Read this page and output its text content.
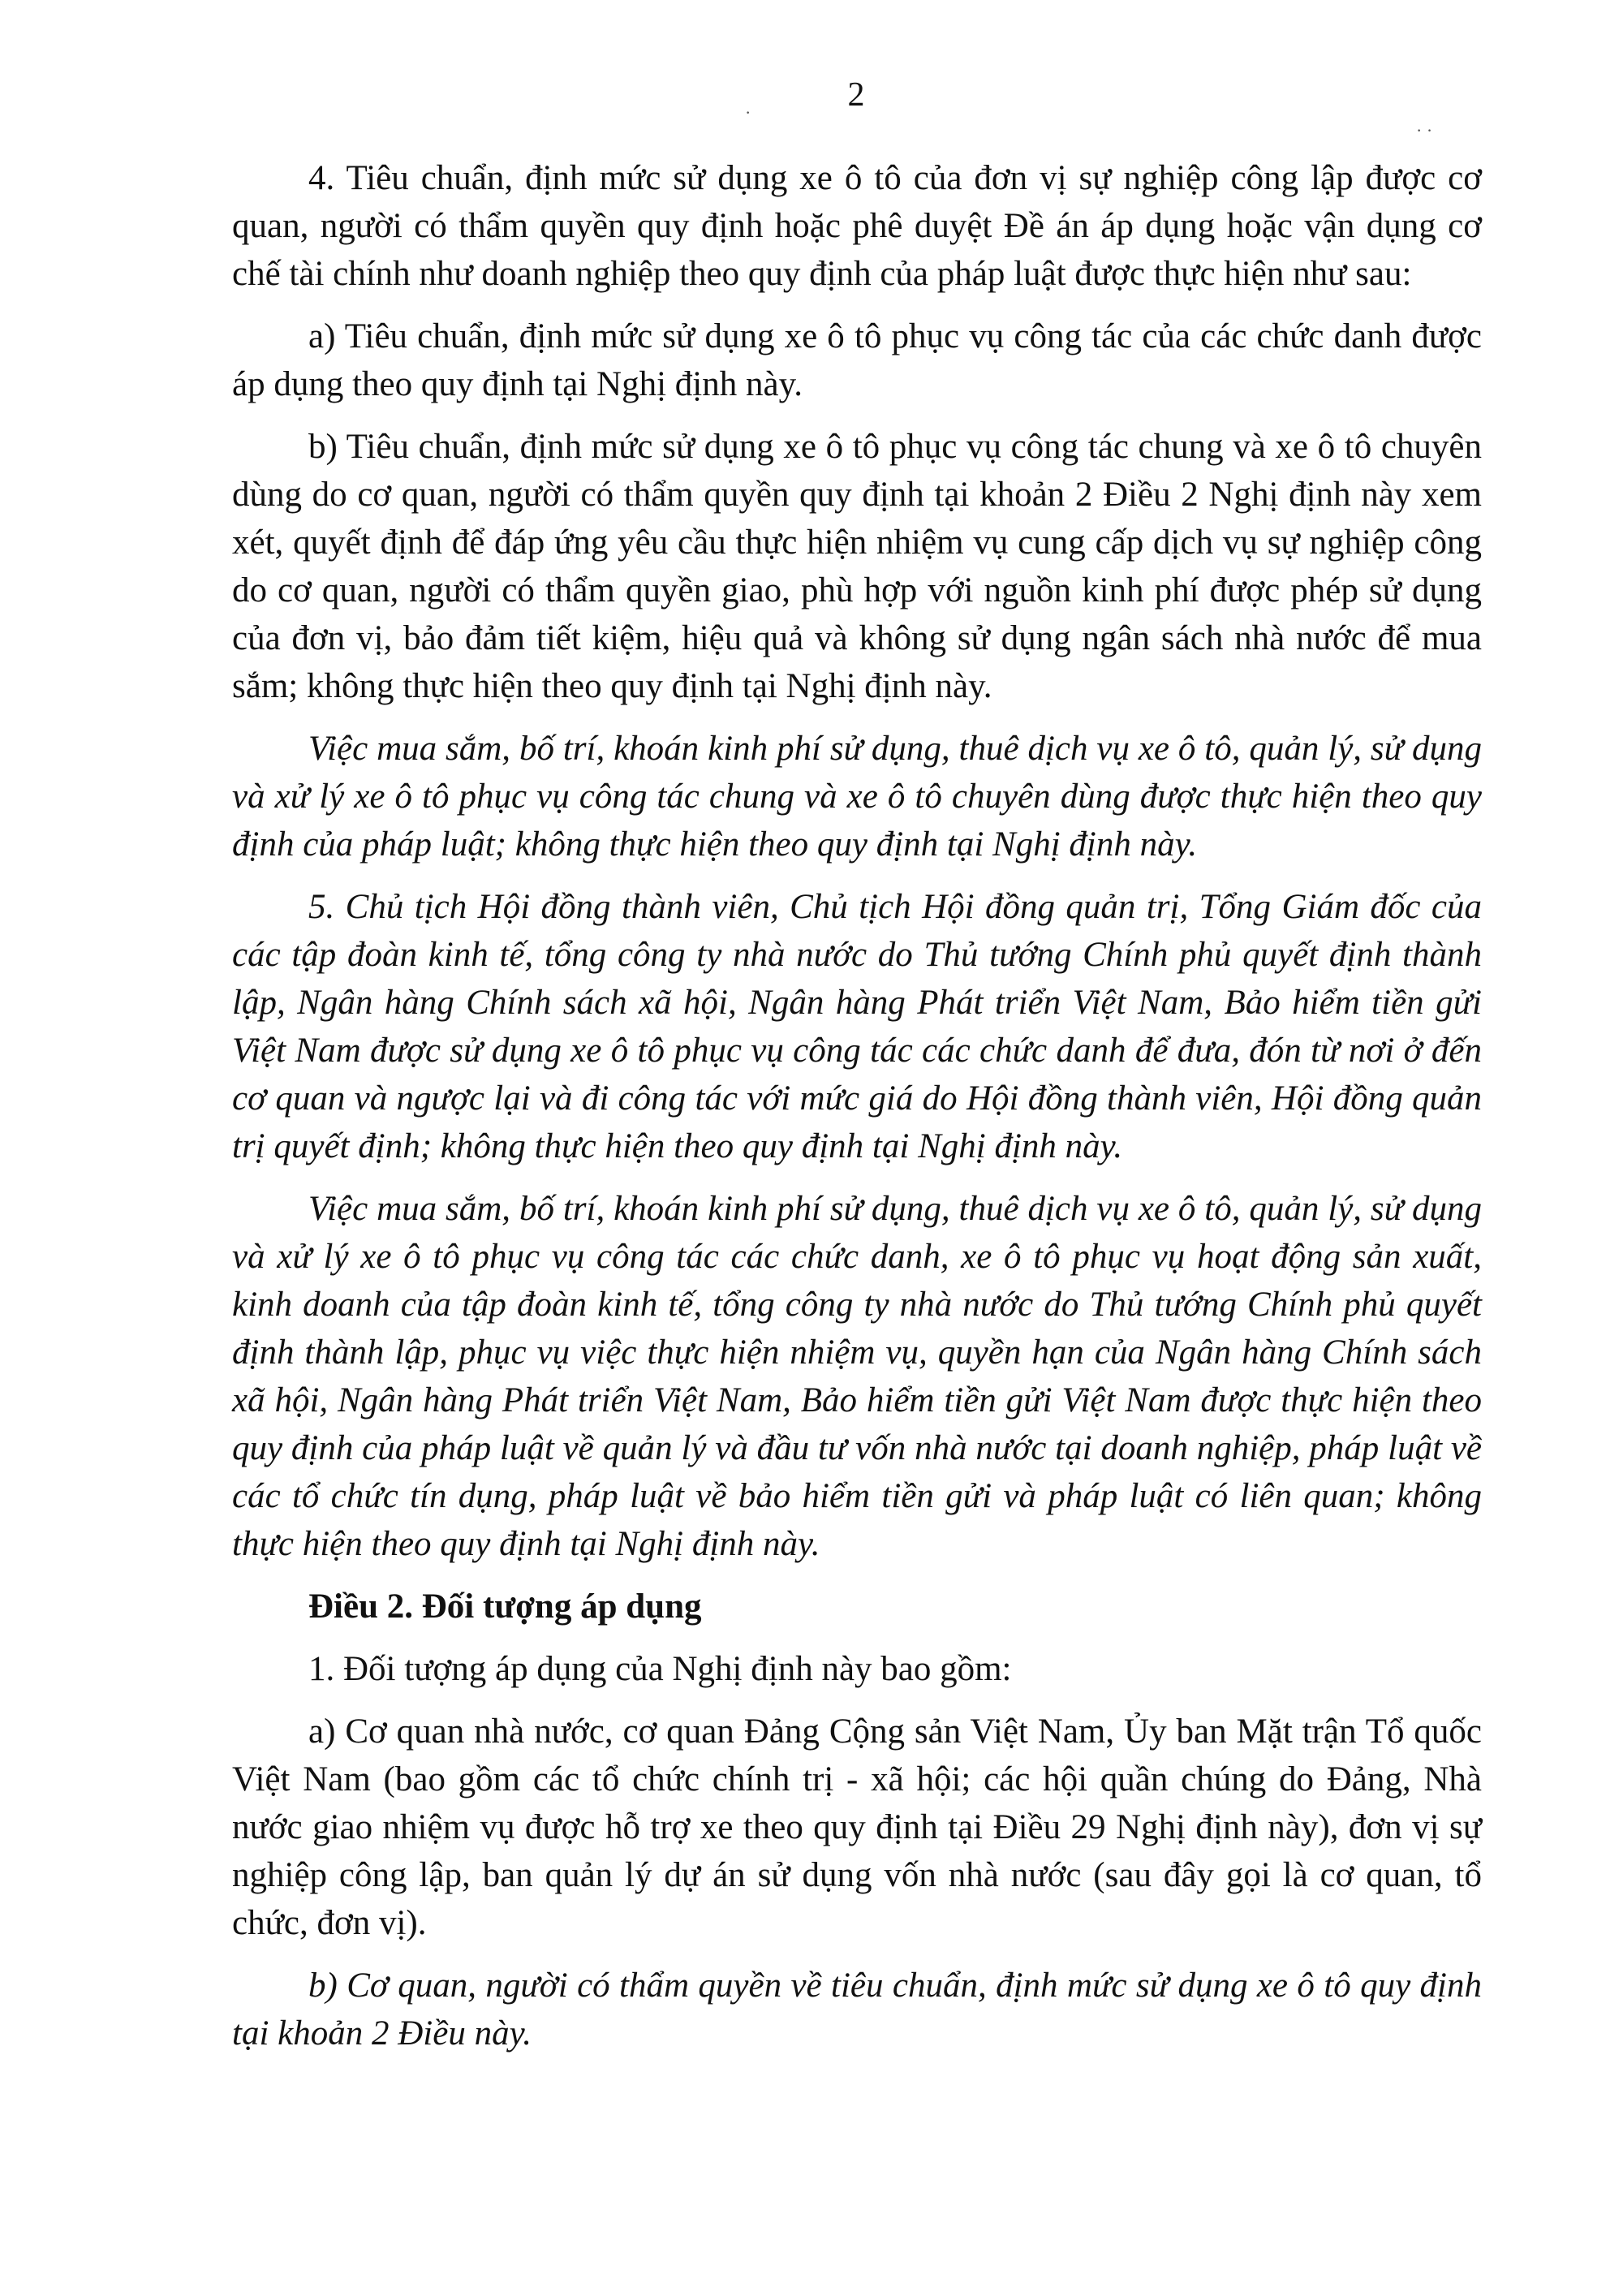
2
·
· ·

4. Tiêu chuẩn, định mức sử dụng xe ô tô của đơn vị sự nghiệp công lập được cơ quan, người có thẩm quyền quy định hoặc phê duyệt Đề án áp dụng hoặc vận dụng cơ chế tài chính như doanh nghiệp theo quy định của pháp luật được thực hiện như sau:

a) Tiêu chuẩn, định mức sử dụng xe ô tô phục vụ công tác của các chức danh được áp dụng theo quy định tại Nghị định này.

b) Tiêu chuẩn, định mức sử dụng xe ô tô phục vụ công tác chung và xe ô tô chuyên dùng do cơ quan, người có thẩm quyền quy định tại khoản 2 Điều 2 Nghị định này xem xét, quyết định để đáp ứng yêu cầu thực hiện nhiệm vụ cung cấp dịch vụ sự nghiệp công do cơ quan, người có thẩm quyền giao, phù hợp với nguồn kinh phí được phép sử dụng của đơn vị, bảo đảm tiết kiệm, hiệu quả và không sử dụng ngân sách nhà nước để mua sắm; không thực hiện theo quy định tại Nghị định này.

Việc mua sắm, bố trí, khoán kinh phí sử dụng, thuê dịch vụ xe ô tô, quản lý, sử dụng và xử lý xe ô tô phục vụ công tác chung và xe ô tô chuyên dùng được thực hiện theo quy định của pháp luật; không thực hiện theo quy định tại Nghị định này.

5. Chủ tịch Hội đồng thành viên, Chủ tịch Hội đồng quản trị, Tổng Giám đốc của các tập đoàn kinh tế, tổng công ty nhà nước do Thủ tướng Chính phủ quyết định thành lập, Ngân hàng Chính sách xã hội, Ngân hàng Phát triển Việt Nam, Bảo hiểm tiền gửi Việt Nam được sử dụng xe ô tô phục vụ công tác các chức danh để đưa, đón từ nơi ở đến cơ quan và ngược lại và đi công tác với mức giá do Hội đồng thành viên, Hội đồng quản trị quyết định; không thực hiện theo quy định tại Nghị định này.

Việc mua sắm, bố trí, khoán kinh phí sử dụng, thuê dịch vụ xe ô tô, quản lý, sử dụng và xử lý xe ô tô phục vụ công tác các chức danh, xe ô tô phục vụ hoạt động sản xuất, kinh doanh của tập đoàn kinh tế, tổng công ty nhà nước do Thủ tướng Chính phủ quyết định thành lập, phục vụ việc thực hiện nhiệm vụ, quyền hạn của Ngân hàng Chính sách xã hội, Ngân hàng Phát triển Việt Nam, Bảo hiểm tiền gửi Việt Nam được thực hiện theo quy định của pháp luật về quản lý và đầu tư vốn nhà nước tại doanh nghiệp, pháp luật về các tổ chức tín dụng, pháp luật về bảo hiểm tiền gửi và pháp luật có liên quan; không thực hiện theo quy định tại Nghị định này.

Điều 2. Đối tượng áp dụng

1. Đối tượng áp dụng của Nghị định này bao gồm:

a) Cơ quan nhà nước, cơ quan Đảng Cộng sản Việt Nam, Ủy ban Mặt trận Tổ quốc Việt Nam (bao gồm các tổ chức chính trị - xã hội; các hội quần chúng do Đảng, Nhà nước giao nhiệm vụ được hỗ trợ xe theo quy định tại Điều 29 Nghị định này), đơn vị sự nghiệp công lập, ban quản lý dự án sử dụng vốn nhà nước (sau đây gọi là cơ quan, tổ chức, đơn vị).

b) Cơ quan, người có thẩm quyền về tiêu chuẩn, định mức sử dụng xe ô tô quy định tại khoản 2 Điều này.
